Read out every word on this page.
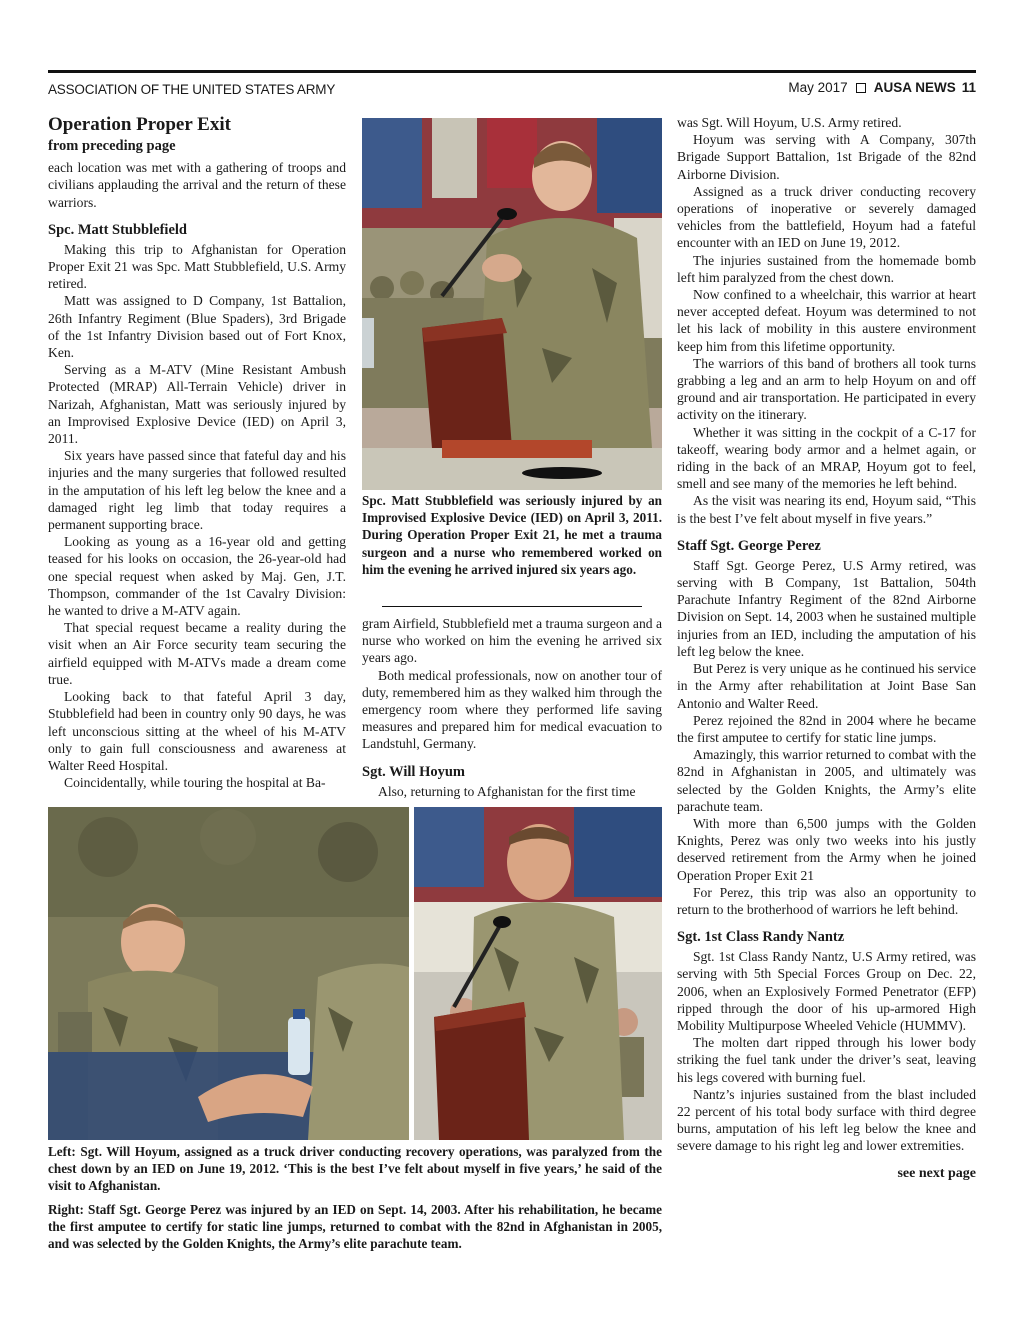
ASSOCIATION OF THE UNITED STATES ARMY	May 2017 AUSA NEWS 11
Operation Proper Exit
from preceding page

each location was met with a gathering of troops and civilians applauding the arrival and the return of these warriors.

Spc. Matt Stubblefield

Making this trip to Afghanistan for Operation Proper Exit 21 was Spc. Matt Stubblefield, U.S. Army retired.

Matt was assigned to D Company, 1st Battalion, 26th Infantry Regiment (Blue Spaders), 3rd Brigade of the 1st Infantry Division based out of Fort Knox, Ken.

Serving as a M-ATV (Mine Resistant Ambush Protected (MRAP) All-Terrain Vehicle) driver in Narizah, Afghanistan, Matt was seriously injured by an Improvised Explosive Device (IED) on April 3, 2011.

Six years have passed since that fateful day and his injuries and the many surgeries that followed resulted in the amputation of his left leg below the knee and a damaged right leg limb that today requires a permanent supporting brace.

Looking as young as a 16-year old and getting teased for his looks on occasion, the 26-year-old had one special request when asked by Maj. Gen, J.T. Thompson, commander of the 1st Cavalry Division: he wanted to drive a M-ATV again.

That special request became a reality during the visit when an Air Force security team securing the airfield equipped with M-ATVs made a dream come true.

Looking back to that fateful April 3 day, Stubblefield had been in country only 90 days, he was left unconscious sitting at the wheel of his M-ATV only to gain full consciousness and awareness at Walter Reed Hospital.

Coincidentally, while touring the hospital at Ba-

Spc. Matt Stubblefield was seriously injured by an Improvised Explosive Device (IED) on April 3, 2011. During Operation Proper Exit 21, he met a trauma surgeon and a nurse who remembered worked on him the evening he arrived injured six years ago.

gram Airfield, Stubblefield met a trauma surgeon and a nurse who worked on him the evening he arrived six years ago.

Both medical professionals, now on another tour of duty, remembered him as they walked him through the emergency room where they performed life saving measures and prepared him for medical evacuation to Landstuhl, Germany.

Sgt. Will Hoyum

Also, returning to Afghanistan for the first time

was Sgt. Will Hoyum, U.S. Army retired.

Hoyum was serving with A Company, 307th Brigade Support Battalion, 1st Brigade of the 82nd Airborne Division.

Assigned as a truck driver conducting recovery operations of inoperative or severely damaged vehicles from the battlefield, Hoyum had a fateful encounter with an IED on June 19, 2012.

The injuries sustained from the homemade bomb left him paralyzed from the chest down.

Now confined to a wheelchair, this warrior at heart never accepted defeat. Hoyum was determined to not let his lack of mobility in this austere environment keep him from this lifetime opportunity.

The warriors of this band of brothers all took turns grabbing a leg and an arm to help Hoyum on and off ground and air transportation. He participated in every activity on the itinerary.

Whether it was sitting in the cockpit of a C-17 for takeoff, wearing body armor and a helmet again, or riding in the back of an MRAP, Hoyum got to feel, smell and see many of the memories he left behind.

As the visit was nearing its end, Hoyum said, “This is the best I’ve felt about myself in five years.”

Staff Sgt. George Perez

Staff Sgt. George Perez, U.S Army retired, was serving with B Company, 1st Battalion, 504th Parachute Infantry Regiment of the 82nd Airborne Division on Sept. 14, 2003 when he sustained multiple injuries from an IED, including the amputation of his left leg below the knee.

But Perez is very unique as he continued his service in the Army after rehabilitation at Joint Base San Antonio and Walter Reed.

Perez rejoined the 82nd in 2004 where he became the first amputee to certify for static line jumps.

Amazingly, this warrior returned to combat with the 82nd in Afghanistan in 2005, and ultimately was selected by the Golden Knights, the Army’s elite parachute team.

With more than 6,500 jumps with the Golden Knights, Perez was only two weeks into his justly deserved retirement from the Army when he joined Operation Proper Exit 21

For Perez, this trip was also an opportunity to return to the brotherhood of warriors he left behind.

Sgt. 1st Class Randy Nantz

Sgt. 1st Class Randy Nantz, U.S Army retired, was serving with 5th Special Forces Group on Dec. 22, 2006, when an Explosively Formed Penetrator (EFP) ripped through the door of his up-armored High Mobility Multipurpose Wheeled Vehicle (HUMMV).

The molten dart ripped through his lower body striking the fuel tank under the driver’s seat, leaving his legs covered with burning fuel.

Nantz’s injuries sustained from the blast included 22 percent of his total body surface with third degree burns, amputation of his left leg below the knee and severe damage to his right leg and lower extremities.

see next page
Left: Sgt. Will Hoyum, assigned as a truck driver conducting recovery operations, was paralyzed from the chest down by an IED on June 19, 2012. ‘This is the best I’ve felt about myself in five years,’ he said of the visit to Afghanistan.
Right: Staff Sgt. George Perez was injured by an IED on Sept. 14, 2003. After his rehabilitation, he became the first amputee to certify for static line jumps, returned to combat with the 82nd in Afghanistan in 2005, and was selected by the Golden Knights, the Army’s elite parachute team.
